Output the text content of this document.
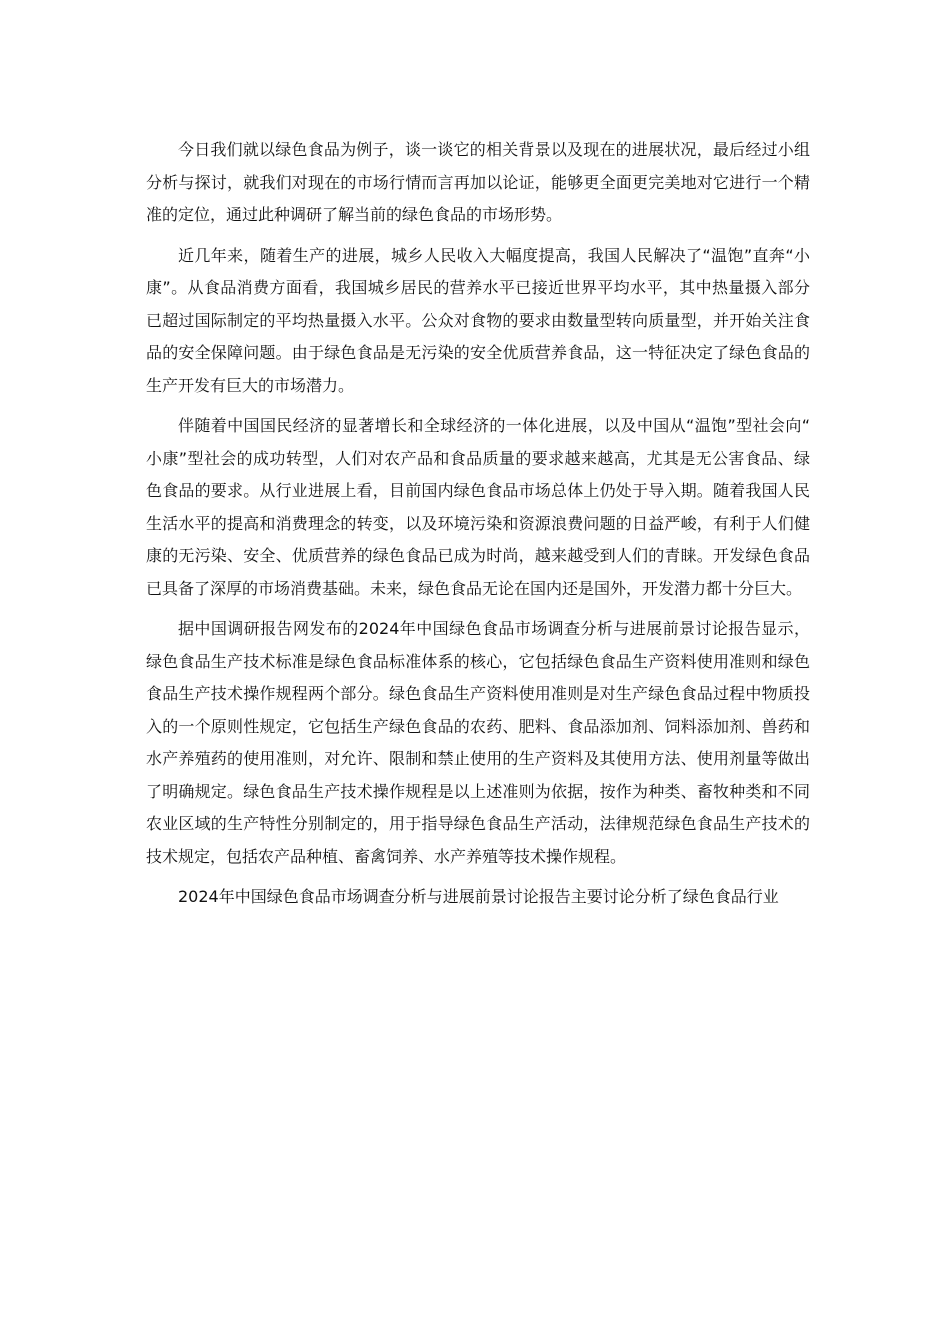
今日我们就以绿色食品为例子，谈一谈它的相关背景以及现在的进展状况，最后经过小组分析与探讨，就我们对现在的市场行情而言再加以论证，能够更全面更完美地对它进行一个精准的定位，通过此种调研了解当前的绿色食品的市场形势。

近几年来，随着生产的进展，城乡人民收入大幅度提高，我国人民解决了“温饱”直奔“小康”。从食品消费方面看，我国城乡居民的营养水平已接近世界平均水平，其中热量摄入部分已超过国际制定的平均热量摄入水平。公众对食物的要求由数量型转向质量型，并开始关注食品的安全保障问题。由于绿色食品是无污染的安全优质营养食品，这一特征决定了绿色食品的生产开发有巨大的市场潜力。

伴随着中国国民经济的显著增长和全球经济的一体化进展，以及中国从“温饱”型社会向“小康”型社会的成功转型，人们对农产品和食品质量的要求越来越高，尤其是无公害食品、绿色食品的要求。从行业进展上看，目前国内绿色食品市场总体上仍处于导入期。随着我国人民生活水平的提高和消费理念的转变，以及环境污染和资源浪费问题的日益严峻，有利于人们健康的无污染、安全、优质营养的绿色食品已成为时尚，越来越受到人们的青睐。开发绿色食品已具备了深厚的市场消费基础。未来，绿色食品无论在国内还是国外，开发潜力都十分巨大。

据中国调研报告网发布的2024年中国绿色食品市场调查分析与进展前景讨论报告显示，绿色食品生产技术标准是绿色食品标准体系的核心，它包括绿色食品生产资料使用准则和绿色食品生产技术操作规程两个部分。绿色食品生产资料使用准则是对生产绿色食品过程中物质投入的一个原则性规定，它包括生产绿色食品的农药、肥料、食品添加剂、饲料添加剂、兽药和水产养殖药的使用准则，对允许、限制和禁止使用的生产资料及其使用方法、使用剂量等做出了明确规定。绿色食品生产技术操作规程是以上述准则为依据，按作为种类、畜牧种类和不同农业区域的生产特性分别制定的，用于指导绿色食品生产活动，法律规范绿色食品生产技术的技术规定，包括农产品种植、畜禽饲养、水产养殖等技术操作规程。

2024年中国绿色食品市场调查分析与进展前景讨论报告主要讨论分析了绿色食品行业
